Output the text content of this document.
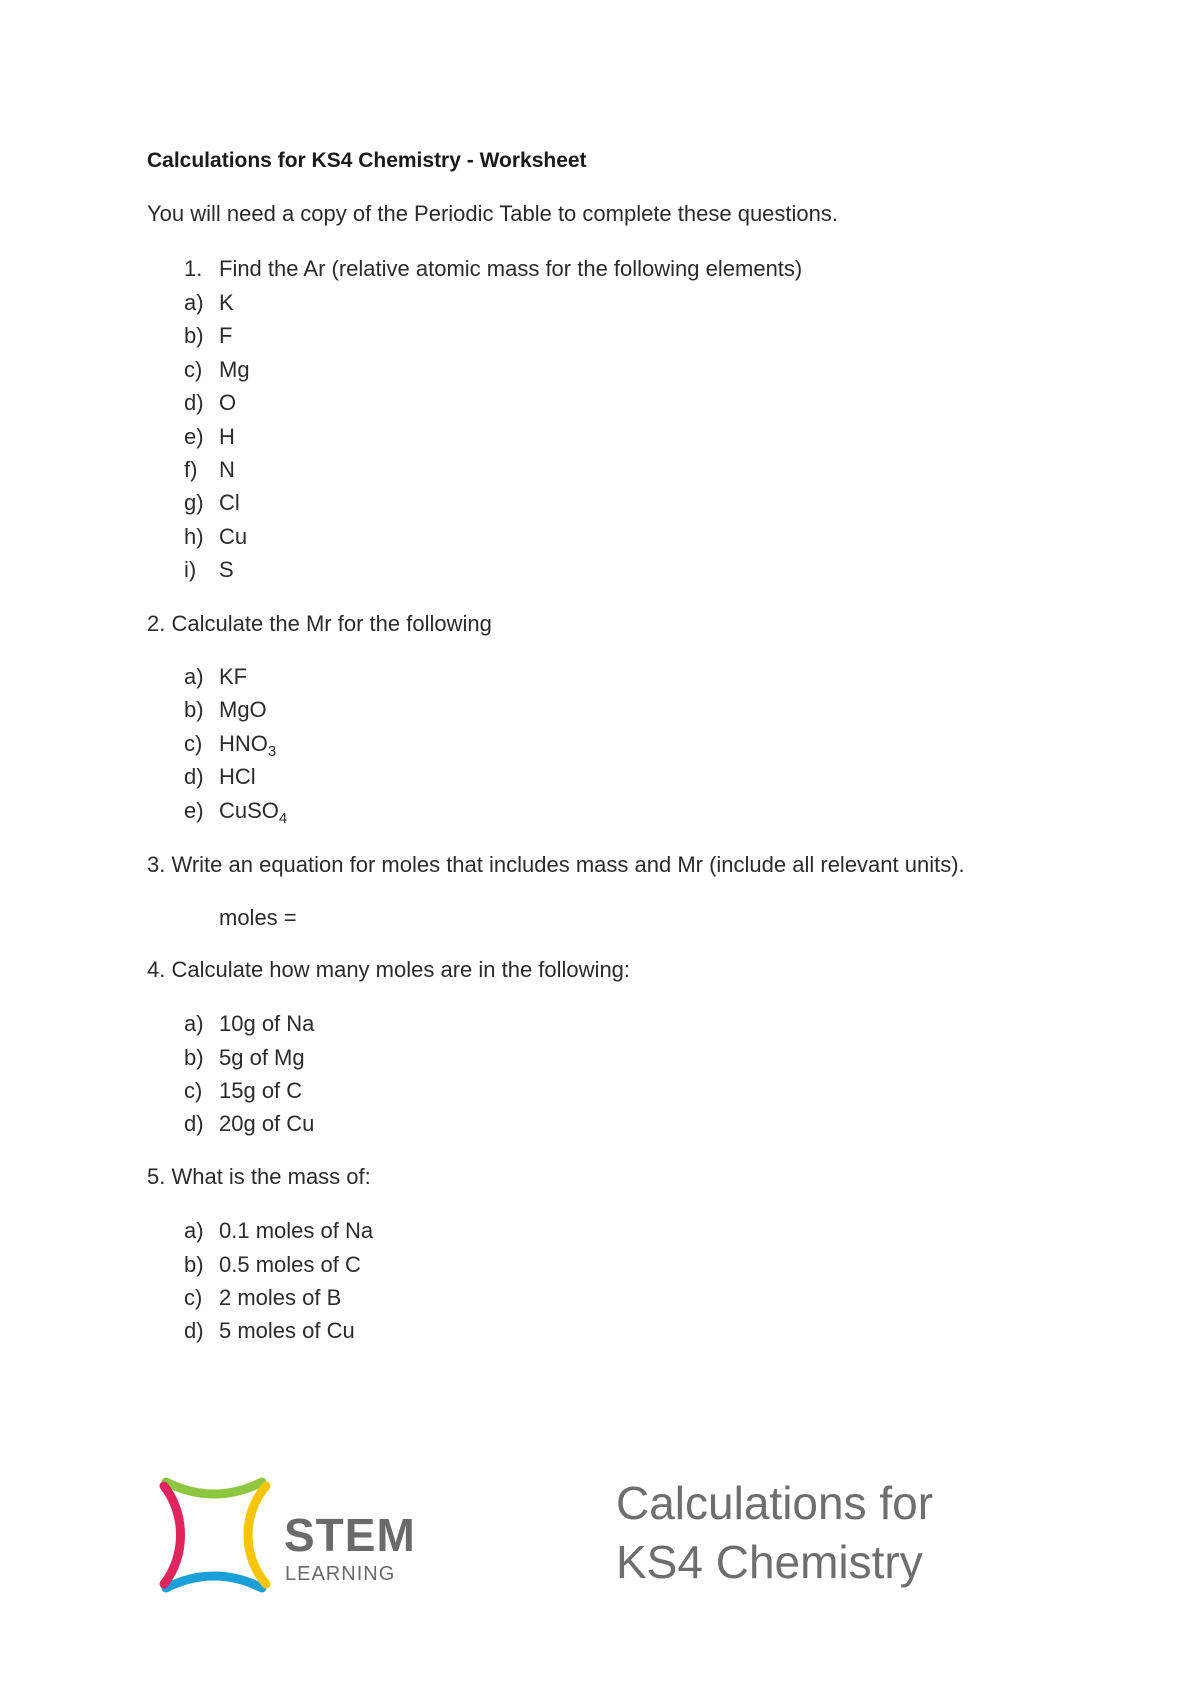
Calculations for KS4 Chemistry - Worksheet
You will need a copy of the Periodic Table to complete these questions.
1. Find the Ar (relative atomic mass for the following elements)
a) K
b) F
c) Mg
d) O
e) H
f) N
g) Cl
h) Cu
i) S
2. Calculate the Mr for the following
a) KF
b) MgO
c) $HNO_3$
d) HCl
e) CuSO$_4$
3. Write an equation for moles that includes mass and Mr (include all relevant units).
moles =
4. Calculate how many moles are in the following:
a) 10g of Na
b) 5g of Mg
c) 15g of C
d) 20g of Cu
5. What is the mass of:
a) 0.1 moles of Na
b) 0.5 moles of C
c) 2 moles of B
d) 5 moles of Cu
STEM
LEARNING
Calculations for
KS4 Chemistry
